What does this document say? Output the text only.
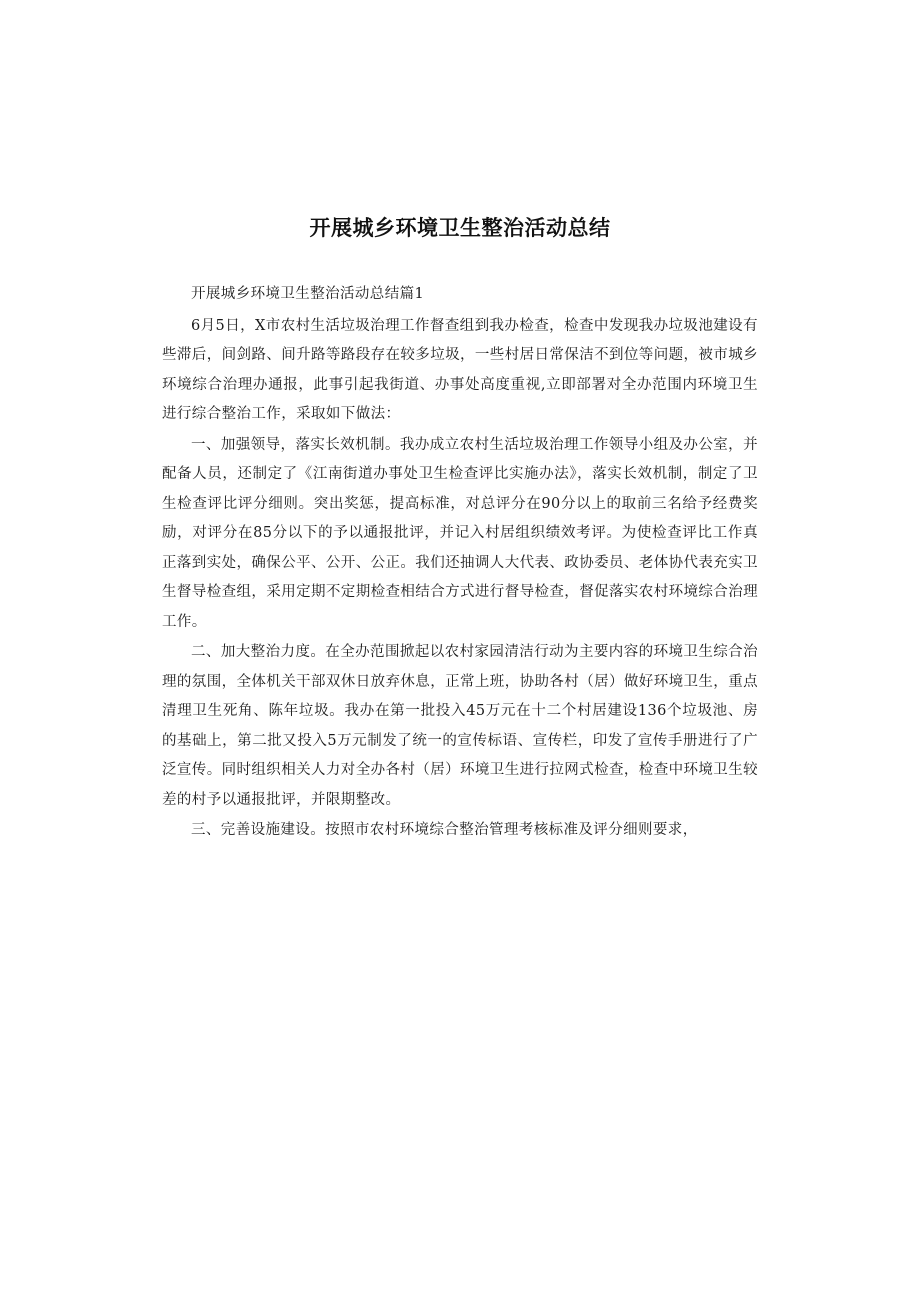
开展城乡环境卫生整治活动总结

开展城乡环境卫生整治活动总结篇1

6月5日，X市农村生活垃圾治理工作督查组到我办检查，检查中发现我办垃圾池建设有些滞后，间剑路、间升路等路段存在较多垃圾，一些村居日常保洁不到位等问题，被市城乡环境综合治理办通报，此事引起我街道、办事处高度重视,立即部署对全办范围内环境卫生进行综合整治工作，采取如下做法：

一、加强领导，落实长效机制。我办成立农村生活垃圾治理工作领导小组及办公室，并配备人员，还制定了《江南街道办事处卫生检查评比实施办法》，落实长效机制，制定了卫生检查评比评分细则。突出奖惩，提高标准，对总评分在90分以上的取前三名给予经费奖励，对评分在85分以下的予以通报批评，并记入村居组织绩效考评。为使检查评比工作真正落到实处，确保公平、公开、公正。我们还抽调人大代表、政协委员、老体协代表充实卫生督导检查组，采用定期不定期检查相结合方式进行督导检查，督促落实农村环境综合治理工作。

二、加大整治力度。在全办范围掀起以农村家园清洁行动为主要内容的环境卫生综合治理的氛围，全体机关干部双休日放弃休息，正常上班，协助各村（居）做好环境卫生，重点清理卫生死角、陈年垃圾。我办在第一批投入45万元在十二个村居建设136个垃圾池、房的基础上，第二批又投入5万元制发了统一的宣传标语、宣传栏，印发了宣传手册进行了广泛宣传。同时组织相关人力对全办各村（居）环境卫生进行拉网式检查，检查中环境卫生较差的村予以通报批评，并限期整改。

三、完善设施建设。按照市农村环境综合整治管理考核标准及评分细则要求，
